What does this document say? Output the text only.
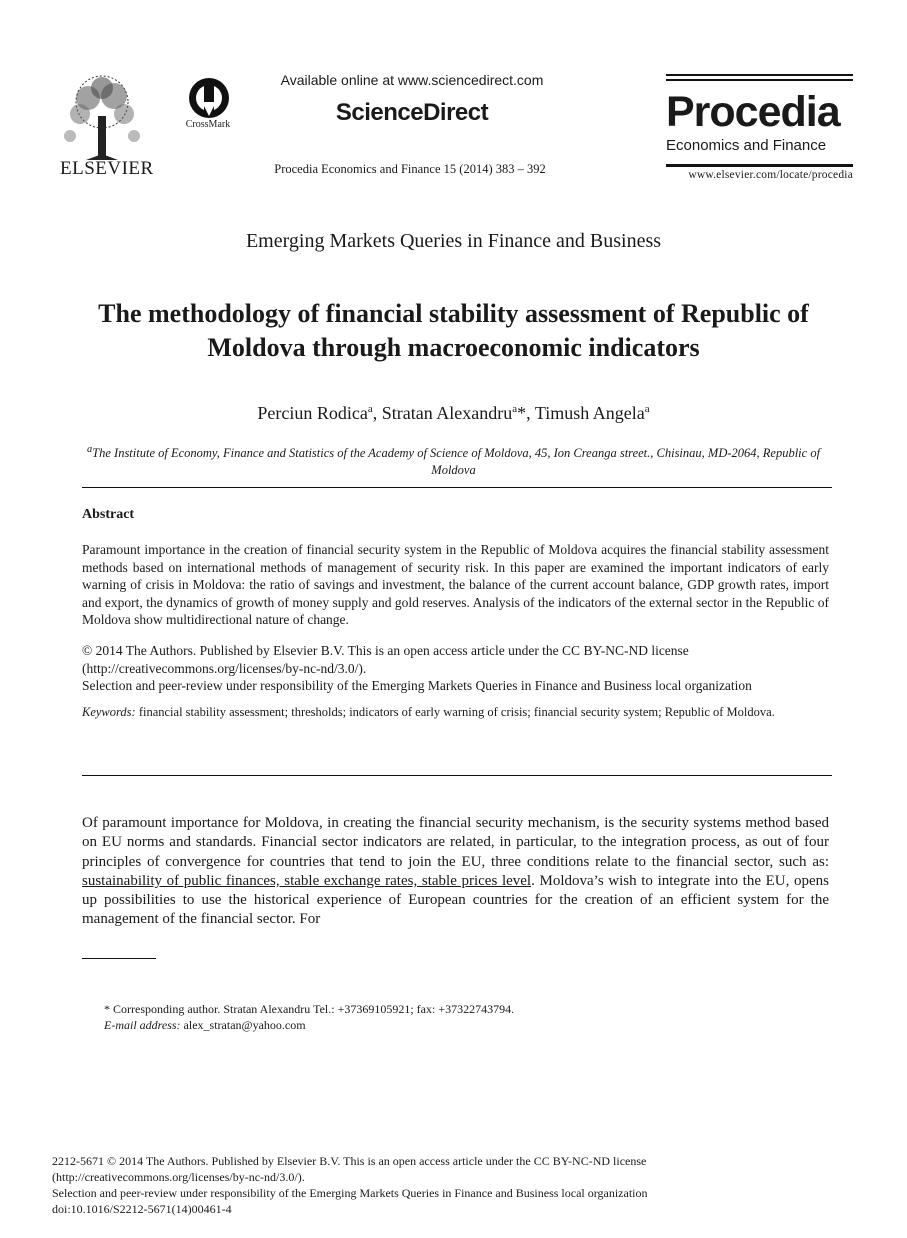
ELSEVIER
CrossMark
Available online at www.sciencedirect.com
ScienceDirect
Procedia Economics and Finance 15 (2014) 383 – 392
Procedia
Economics and Finance
www.elsevier.com/locate/procedia
Emerging Markets Queries in Finance and Business
The methodology of financial stability assessment of Republic of Moldova through macroeconomic indicators
Perciun Rodica$^a$, Stratan Alexandru$^a$*, Timush Angela$^a$
$^a$The Institute of Economy, Finance and Statistics of the Academy of Science of Moldova, 45, Ion Creanga street., Chisinau, MD-2064, Republic of Moldova
Abstract
Paramount importance in the creation of financial security system in the Republic of Moldova acquires the financial stability assessment methods based on international methods of management of security risk. In this paper are examined the important indicators of early warning of crisis in Moldova: the ratio of savings and investment, the balance of the current account balance, GDP growth rates, import and export, the dynamics of growth of money supply and gold reserves. Analysis of the indicators of the external sector in the Republic of Moldova show multidirectional nature of change.
© 2014 The Authors. Published by Elsevier B.V. This is an open access article under the CC BY-NC-ND license
(http://creativecommons.org/licenses/by-nc-nd/3.0/).
Selection and peer-review under responsibility of the Emerging Markets Queries in Finance and Business local organization
Keywords: financial stability assessment; thresholds; indicators of early warning of crisis; financial security system; Republic of Moldova.
Of paramount importance for Moldova, in creating the financial security mechanism, is the security systems method based on EU norms and standards. Financial sector indicators are related, in particular, to the integration process, as out of four principles of convergence for countries that tend to join the EU, three conditions relate to the financial sector, such as: sustainability of public finances, stable exchange rates, stable prices level. Moldova’s wish to integrate into the EU, opens up possibilities to use the historical experience of European countries for the creation of an efficient system for the management of the financial sector. For
* Corresponding author. Stratan Alexandru Tel.: +37369105921; fax: +37322743794.
E-mail address: alex_stratan@yahoo.com
2212-5671 © 2014 The Authors. Published by Elsevier B.V. This is an open access article under the CC BY-NC-ND license
(http://creativecommons.org/licenses/by-nc-nd/3.0/).
Selection and peer-review under responsibility of the Emerging Markets Queries in Finance and Business local organization
doi:10.1016/S2212-5671(14)00461-4
